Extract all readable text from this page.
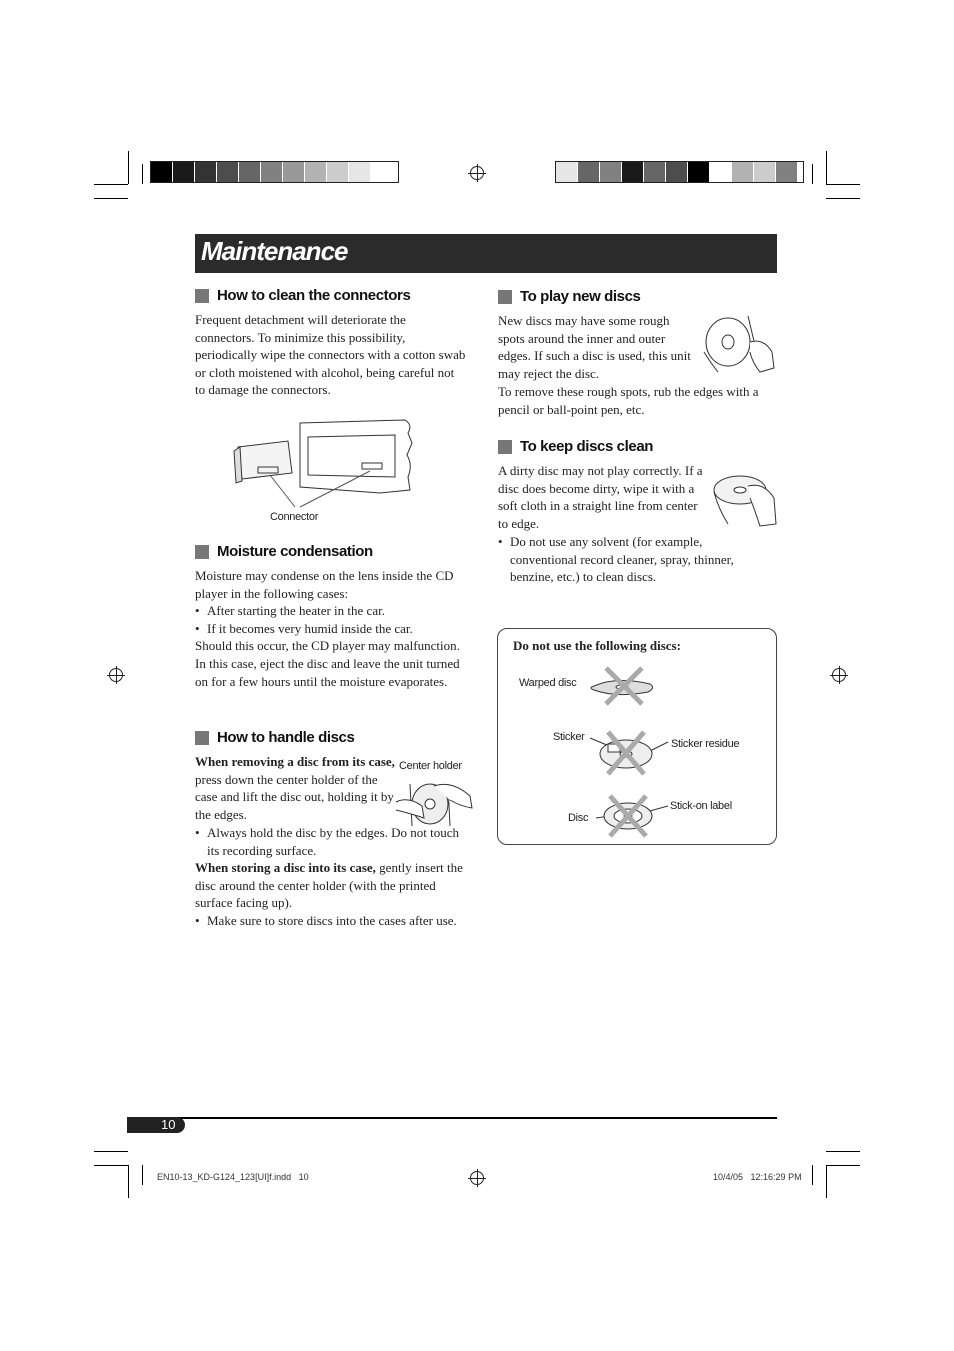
Maintenance
How to clean the connectors

Frequent detachment will deteriorate the connectors. To minimize this possibility, periodically wipe the connectors with a cotton swab or cloth moistened with alcohol, being careful not to damage the connectors.

Connector
Moisture condensation

Moisture may condense on the lens inside the CD player in the following cases:

• After starting the heater in the car.

• If it becomes very humid inside the car.

Should this occur, the CD player may malfunction. In this case, eject the disc and leave the unit turned on for a few hours until the moisture evaporates.

How to handle discs

When removing a disc from its case, press down the center holder of the case and lift the disc out, holding it by the edges.

• Always hold the disc by the edges. Do not touch its recording surface.

When storing a disc into its case, gently insert the disc around the center holder (with the printed surface facing up).

• Make sure to store discs into the cases after use.

Center holder
To play new discs

New discs may have some rough spots around the inner and outer edges. If such a disc is used, this unit may reject the disc.

To remove these rough spots, rub the edges with a pencil or ball-point pen, etc.

To keep discs clean

A dirty disc may not play correctly. If a disc does become dirty, wipe it with a soft cloth in a straight line from center to edge.

• Do not use any solvent (for example, conventional record cleaner, spray, thinner, benzine, etc.) to clean discs.

Do not use the following discs:
Warped disc
Sticker
Sticker residue
Stick-on label
Disc
10
EN10-13_KD-G124_123[UI]f.indd   10	10/4/05   12:16:29 PM
